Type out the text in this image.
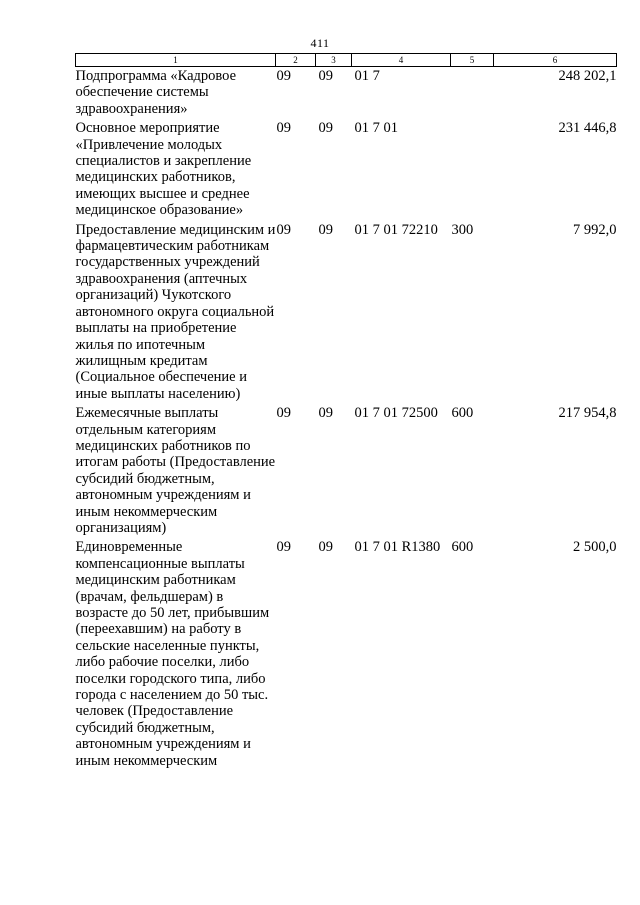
411
1	2	3	4	5	6
Подпрограмма «Кадровое обеспечение системы здравоохранения»	09	09	01 7		248 202,1
Основное мероприятие «Привлечение молодых специалистов и закрепление медицинских работников, имеющих высшее и среднее медицинское образование»	09	09	01 7 01		231 446,8
Предоставление медицинским и фармацевтическим работникам государственных учреждений здравоохранения (аптечных организаций) Чукотского автономного округа социальной выплаты на приобретение жилья по ипотечным жилищным кредитам (Социальное обеспечение и иные выплаты населению)	09	09	01 7 01 72210	300	7 992,0
Ежемесячные выплаты отдельным категориям медицинских работников по итогам работы (Предоставление субсидий бюджетным, автономным учреждениям и иным некоммерческим организациям)	09	09	01 7 01 72500	600	217 954,8
Единовременные компенсационные выплаты медицинским работникам (врачам, фельдшерам) в возрасте до 50 лет, прибывшим (переехавшим) на работу в сельские населенные пункты, либо рабочие поселки, либо поселки городского типа, либо города с населением до 50 тыс. человек (Предоставление субсидий бюджетным, автономным учреждениям и иным некоммерческим	09	09	01 7 01 R1380	600	2 500,0
